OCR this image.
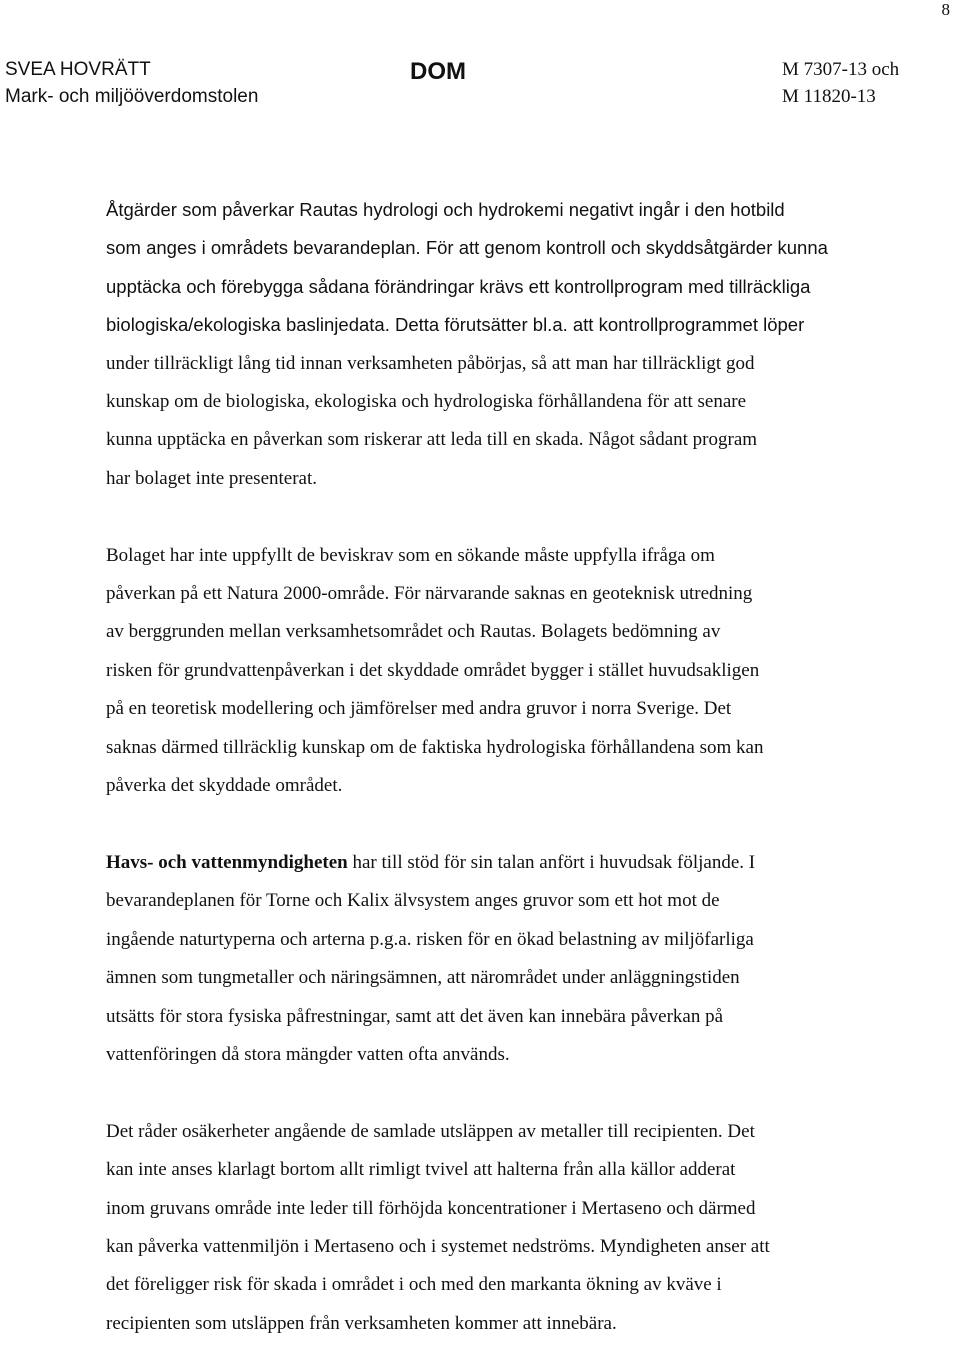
8
SVEA HOVRÄTT
Mark- och miljööverdomstolen
DOM	M 7307-13 och
M 11820-13

Åtgärder som påverkar Rautas hydrologi och hydrokemi negativt ingår i den hotbild
som anges i områdets bevarandeplan. För att genom kontroll och skyddsåtgärder kunna
upptäcka och förebygga sådana förändringar krävs ett kontrollprogram med tillräckliga
biologiska/ekologiska baslinjedata. Detta förutsätter bl.a. att kontrollprogrammet löper
under tillräckligt lång tid innan verksamheten påbörjas, så att man har tillräckligt god
kunskap om de biologiska, ekologiska och hydrologiska förhållandena för att senare
kunna upptäcka en påverkan som riskerar att leda till en skada. Något sådant program
har bolaget inte presenterat.

Bolaget har inte uppfyllt de beviskrav som en sökande måste uppfylla ifråga om
påverkan på ett Natura 2000-område. För närvarande saknas en geoteknisk utredning
av berggrunden mellan verksamhetsområdet och Rautas. Bolagets bedömning av
risken för grundvattenpåverkan i det skyddade området bygger i stället huvudsakligen
på en teoretisk modellering och jämförelser med andra gruvor i norra Sverige. Det
saknas därmed tillräcklig kunskap om de faktiska hydrologiska förhållandena som kan
påverka det skyddade området.

Havs- och vattenmyndigheten har till stöd för sin talan anfört i huvudsak följande. I
bevarandeplanen för Torne och Kalix älvsystem anges gruvor som ett hot mot de
ingående naturtyperna och arterna p.g.a. risken för en ökad belastning av miljöfarliga
ämnen som tungmetaller och näringsämnen, att närområdet under anläggningstiden
utsätts för stora fysiska påfrestningar, samt att det även kan innebära påverkan på
vattenföringen då stora mängder vatten ofta används.

Det råder osäkerheter angående de samlade utsläppen av metaller till recipienten. Det
kan inte anses klarlagt bortom allt rimligt tvivel att halterna från alla källor adderat
inom gruvans område inte leder till förhöjda koncentrationer i Mertaseno och därmed
kan påverka vattenmiljön i Mertaseno och i systemet nedströms. Myndigheten anser att
det föreligger risk för skada i området i och med den markanta ökning av kväve i
recipienten som utsläppen från verksamheten kommer att innebära.
